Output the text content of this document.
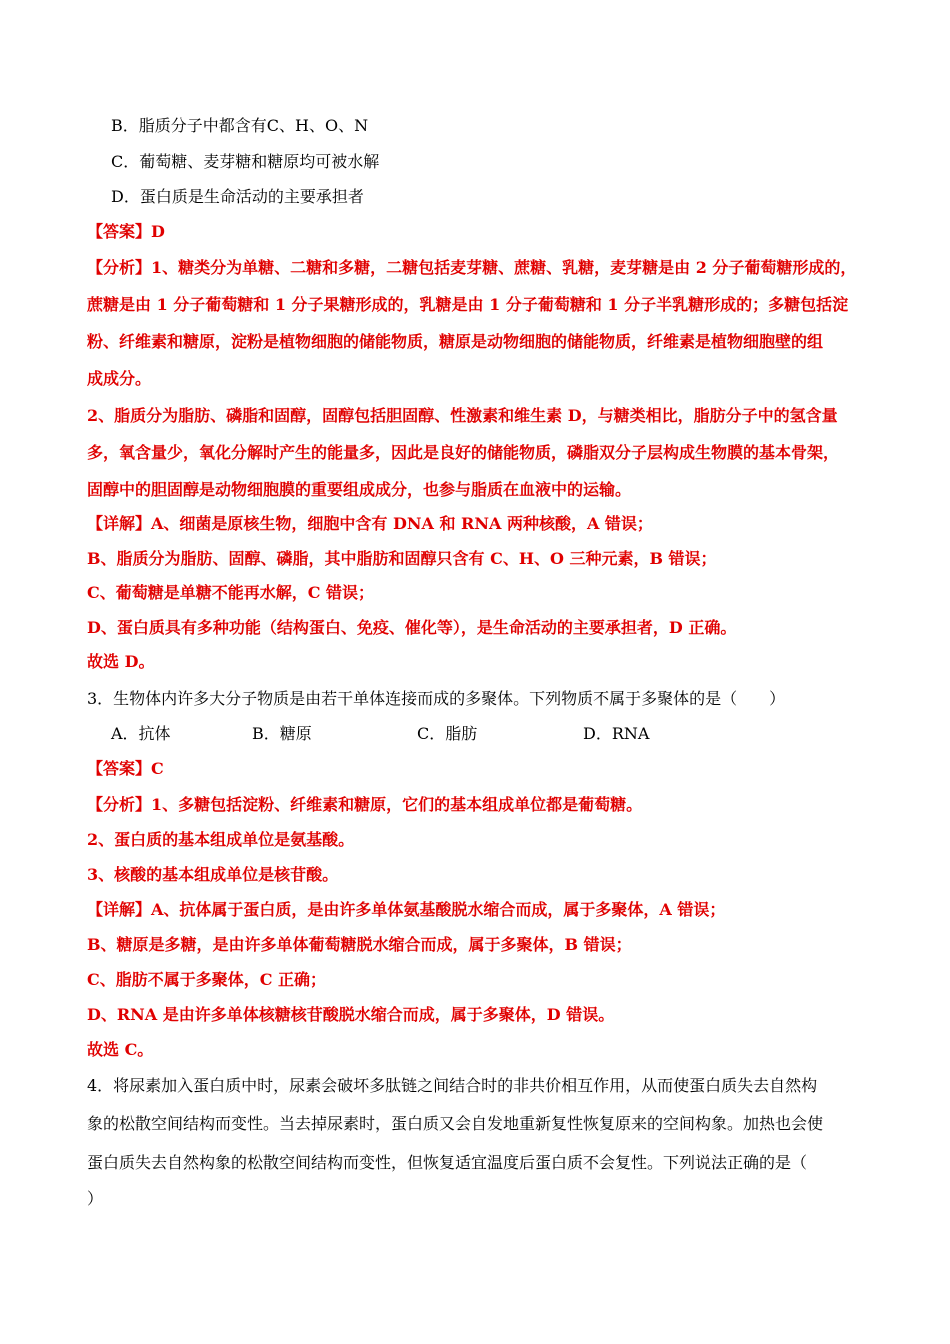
B．脂质分子中都含有C、H、O、N
C．葡萄糖、麦芽糖和糖原均可被水解
D．蛋白质是生命活动的主要承担者
【答案】D
【分析】1、糖类分为单糖、二糖和多糖，二糖包括麦芽糖、蔗糖、乳糖，麦芽糖是由 2 分子葡萄糖形成的，
蔗糖是由 1 分子葡萄糖和 1 分子果糖形成的，乳糖是由 1 分子葡萄糖和 1 分子半乳糖形成的；多糖包括淀
粉、纤维素和糖原，淀粉是植物细胞的储能物质，糖原是动物细胞的储能物质，纤维素是植物细胞壁的组
成成分。
2、脂质分为脂肪、磷脂和固醇，固醇包括胆固醇、性激素和维生素 D，与糖类相比，脂肪分子中的氢含量
多，氧含量少，氧化分解时产生的能量多，因此是良好的储能物质，磷脂双分子层构成生物膜的基本骨架，
固醇中的胆固醇是动物细胞膜的重要组成成分，也参与脂质在血液中的运输。
【详解】A、细菌是原核生物，细胞中含有 DNA 和 RNA 两种核酸，A 错误；
B、脂质分为脂肪、固醇、磷脂，其中脂肪和固醇只含有 C、H、O 三种元素，B 错误；
C、葡萄糖是单糖不能再水解，C 错误；
D、蛋白质具有多种功能（结构蛋白、免疫、催化等），是生命活动的主要承担者，D 正确。
故选 D。
3．生物体内许多大分子物质是由若干单体连接而成的多聚体。下列物质不属于多聚体的是（　　）
A．抗体	B．糖原	C．脂肪	D．RNA
【答案】C
【分析】1、多糖包括淀粉、纤维素和糖原，它们的基本组成单位都是葡萄糖。
2、蛋白质的基本组成单位是氨基酸。
3、核酸的基本组成单位是核苷酸。
【详解】A、抗体属于蛋白质，是由许多单体氨基酸脱水缩合而成，属于多聚体，A 错误；
B、糖原是多糖，是由许多单体葡萄糖脱水缩合而成，属于多聚体，B 错误；
C、脂肪不属于多聚体，C 正确；
D、RNA 是由许多单体核糖核苷酸脱水缩合而成，属于多聚体，D 错误。
故选 C。
4．将尿素加入蛋白质中时，尿素会破坏多肽链之间结合时的非共价相互作用，从而使蛋白质失去自然构
象的松散空间结构而变性。当去掉尿素时，蛋白质又会自发地重新复性恢复原来的空间构象。加热也会使
蛋白质失去自然构象的松散空间结构而变性，但恢复适宜温度后蛋白质不会复性。下列说法正确的是（
）
